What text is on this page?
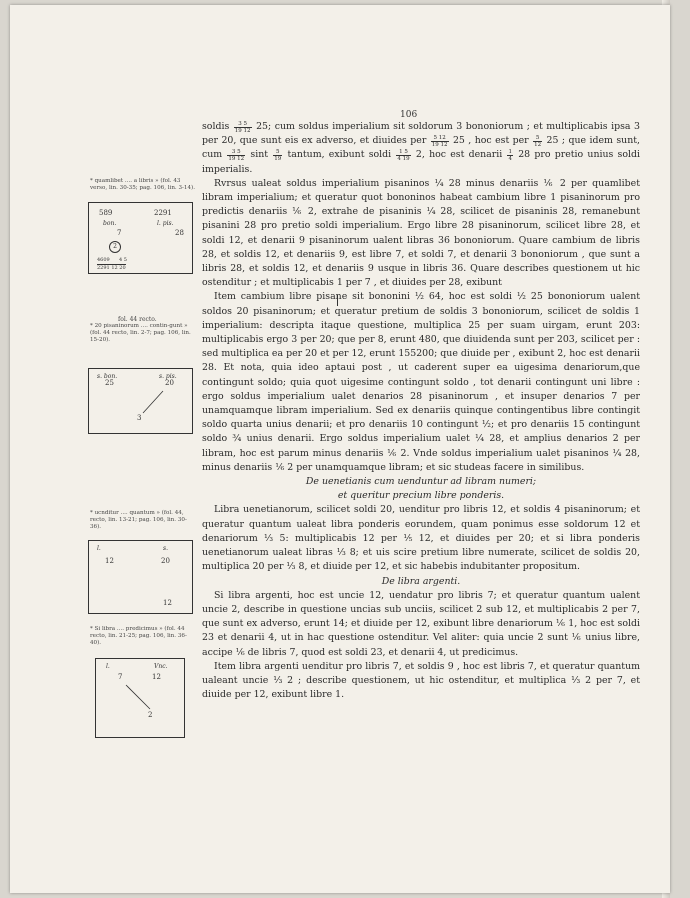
106
* quamlibet .... a libris » (fol. 43 verso, lin. 30-35; pag. 106, lin. 3-14).
* 20 pisaninorum .... contin-gunt » (fol. 44 recto, lin. 2-7; pag. 106, lin. 15-20).
* ucnditur .... quantum » (fol. 44, recto, lin. 13-21; pag. 106, lin. 30-36).
* Si libra .... predicimus » (fol. 44 recto, lin. 21-25; pag. 106, lin. 36-40).
fol. 44 recto.
589	2291
bon.	l. pis.
7
2
28
4609 4 5
2291 12 20
s. bon.	s. pis.
25	20
3
l.	s.
12	20
12
l.	Vnc.
7	12
2

soldis $\frac{3 5}{19 12} 25$; cum soldus imperialium sit soldorum 3 bononiorum ; et multiplicabis ipsa 3 per 20, que sunt eis ex adverso, et diuides per $\frac{5 12}{19 12} 25$ , hoc est per $\frac{5}{12} 25$ ; que idem sunt, cum $\frac{3 5}{19 12}$ sint $\frac{5}{19}$ tantum, exibunt soldi $\frac{1 5}{4 19} 2$, hoc est denarii $\frac{1}{4} 28$ pro pretio unius soldi imperialis.

Rvrsus ualeat soldus imperialium pisaninos ¼ 28 minus denariis ⅙ 2 per quamlibet libram imperialium; et queratur quot bononinos habeat cambium libre 1 pisaninorum pro predictis denariis ⅙ 2, extrahe de pisaninis ¼ 28, scilicet de pisaninis 28, remanebunt pisanini 28 pro pretio soldi imperialium. Ergo libre 28 pisaninorum, scilicet libre 28, et soldi 12, et denarii 9 pisaninorum ualent libras 36 bononiorum. Quare cambium de libris 28, et soldis 12, et denariis 9, est libre 7, et soldi 7, et denarii 3 bononiorum , que sunt a libris 28, et soldis 12, et denariis 9 usque in libris 36. Quare describes questionem ut hic ostenditur ; et multiplicabis 1 per 7 , et diuides per 28, exibunt

Item cambium libre pisane sit bononini ½ 64, hoc est soldi ½ 25 bononiorum ualent soldos 20 pisaninorum; et queratur pretium de soldis 3 bononiorum, scilicet de soldis 1 imperialium: descripta itaque questione, multiplica 25 per suam uirgam, erunt 203: multiplicabis ergo 3 per 20; que per 8, erunt 480, que diuidenda sunt per 203, scilicet per : sed multiplica ea per 20 et per 12, erunt 155200; que diuide per , exibunt 2, hoc est denarii 28. Et nota, quia ideo aptaui post , ut caderent super ea uigesima denariorum,que contingunt soldo; quia quot uigesime contingunt soldo , tot denarii contingunt uni libre : ergo soldus imperialium ualet denarios 28 pisaninorum , et insuper denarios 7 per unamquamque libram imperialium. Sed ex denariis quinque contingentibus libre contingit soldo quarta unius denarii; et pro denariis 10 contingunt ½; et pro denariis 15 contingunt soldo ¾ unius denarii. Ergo soldus imperialium ualet ¼ 28, et amplius denarios 2 per libram, hoc est parum minus denariis ⅙ 2. Vnde soldus imperialium ualet pisaninos ¼ 28, minus denariis ⅙ 2 per unamquamque libram; et sic studeas facere in similibus.

De uenetianis cum uenduntur ad libram numeri;

et queritur precium libre ponderis.

Libra uenetianorum, scilicet soldi 20, uenditur pro libris 12, et soldis 4 pisaninorum; et queratur quantum ualeat libra ponderis eorundem, quam ponimus esse soldorum 12 et denariorum ⅓ 5: multiplicabis 12 per ⅕ 12, et diuides per 20; et si libra ponderis uenetianorum ualeat libras ⅓ 8; et uis scire pretium libre numerate, scilicet de soldis 20, multiplica 20 per ⅓ 8, et diuide per 12, et sic habebis indubitanter propositum.

De libra argenti.

Si libra argenti, hoc est uncie 12, uendatur pro libris 7; et queratur quantum ualent uncie 2, describe in questione uncias sub unciis, scilicet 2 sub 12, et multiplicabis 2 per 7, que sunt ex adverso, erunt 14; et diuide per 12, exibunt libre denariorum ⅙ 1, hoc est soldi 23 et denarii 4, ut in hac questione ostenditur. Vel aliter: quia uncie 2 sunt ⅙ unius libre, accipe ⅙ de libris 7, quod est soldi 23, et denarii 4, ut predicimus.

Item libra argenti uenditur pro libris 7, et soldis 9 , hoc est libris 7, et queratur quantum ualeant uncie ⅓ 2 ; describe questionem, ut hic ostenditur, et multiplica ⅓ 2 per 7, et diuide per 12, exibunt libre 1.
